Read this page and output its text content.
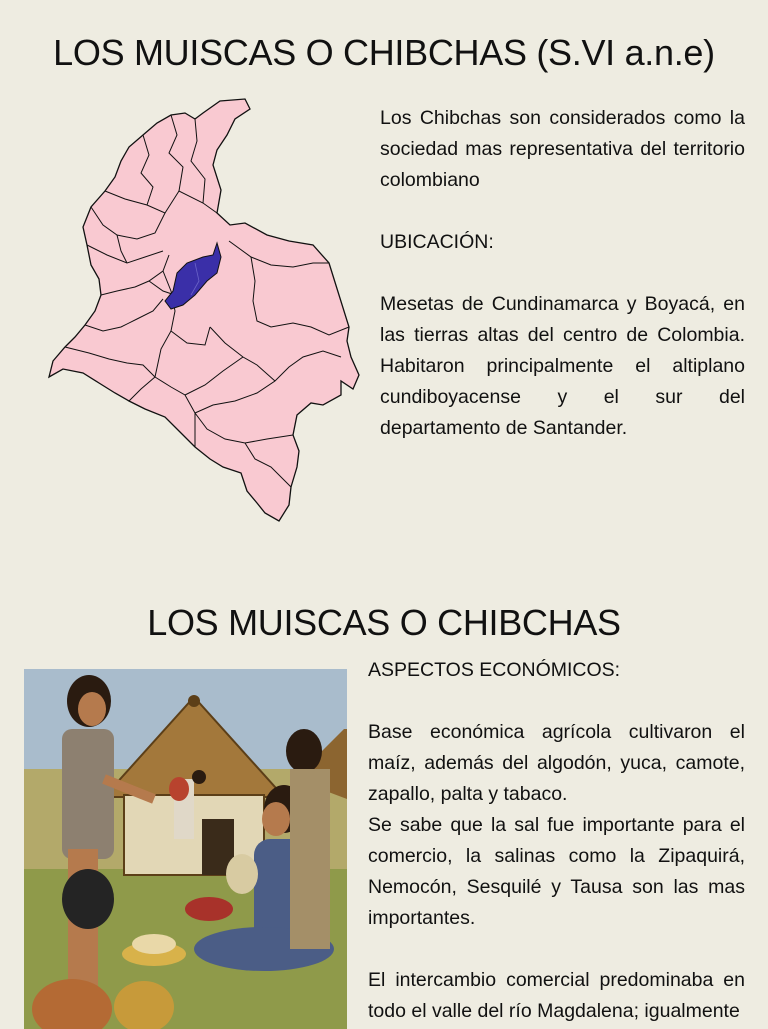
LOS MUISCAS O CHIBCHAS (S.VI a.n.e)

Los Chibchas son considerados como la sociedad mas representativa del territorio colombiano

UBICACIÓN:

Mesetas de Cundinamarca y Boyacá, en las tierras altas del centro de Colombia. Habitaron principalmente el altiplano cundiboyacense y el sur del departamento de Santander.

LOS MUISCAS O CHIBCHAS

ASPECTOS ECONÓMICOS:

Base económica agrícola cultivaron el maíz, además del algodón, yuca, camote, zapallo, palta y tabaco.

Se sabe que la sal fue importante para el comercio, la salinas como la Zipaquirá, Nemocón, Sesquilé y Tausa son las mas importantes.

El intercambio comercial predominaba en todo el valle del río Magdalena; igualmente
